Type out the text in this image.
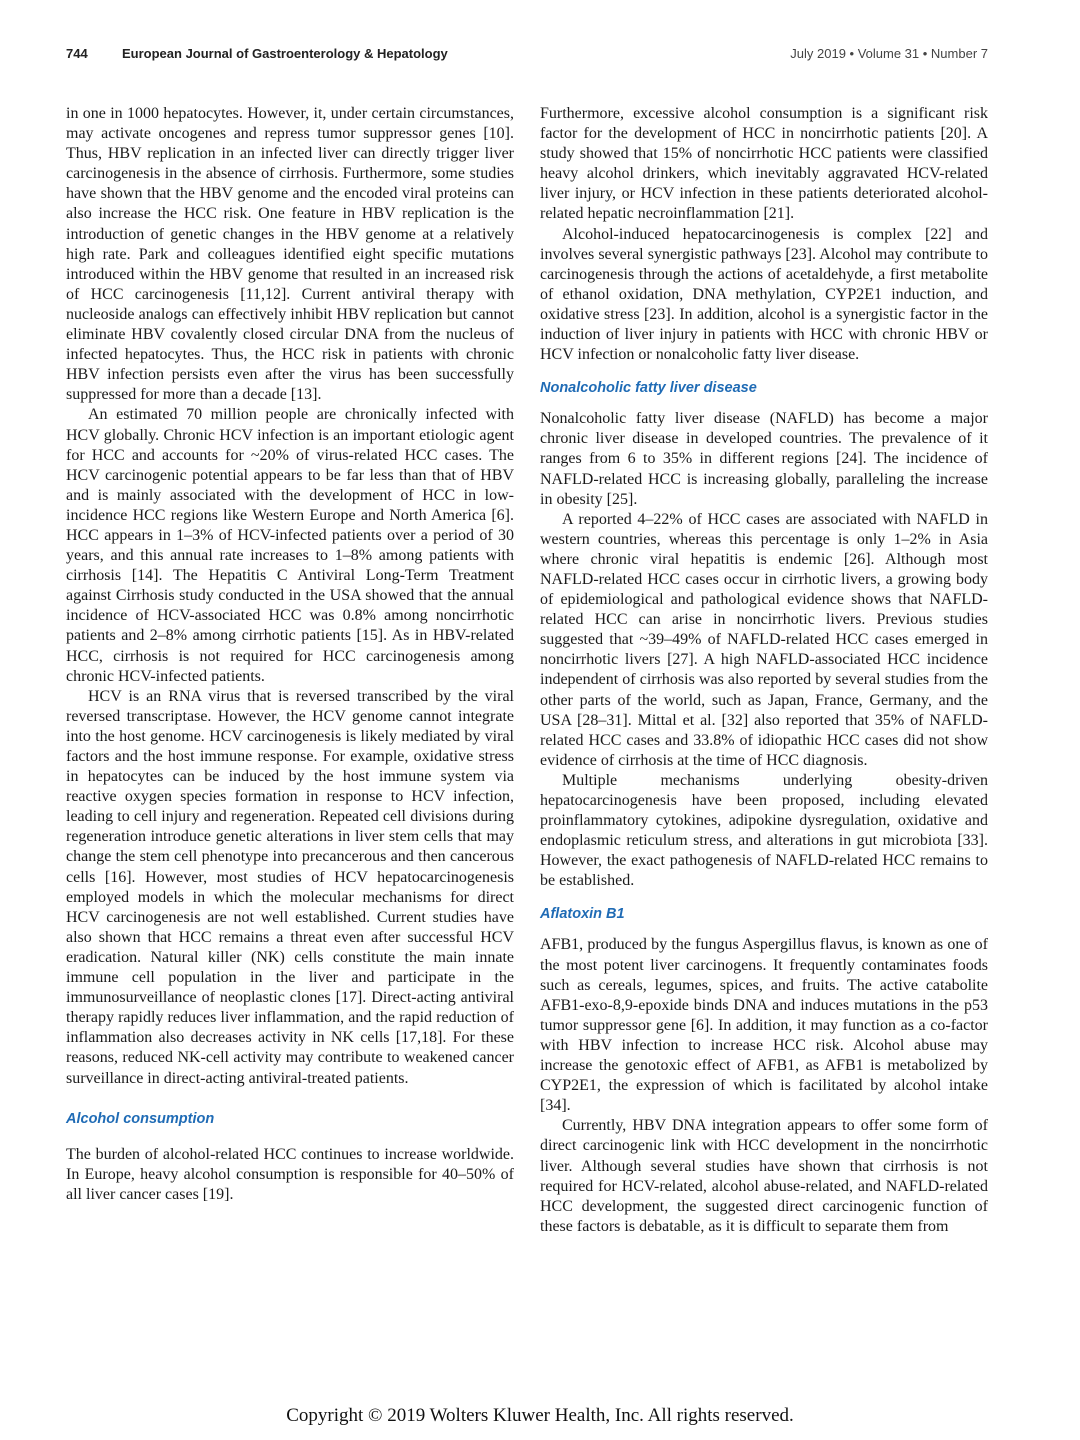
744	European Journal of Gastroenterology & Hepatology	July 2019 • Volume 31 • Number 7

in one in 1000 hepatocytes. However, it, under certain circumstances, may activate oncogenes and repress tumor suppressor genes [10]. Thus, HBV replication in an infected liver can directly trigger liver carcinogenesis in the absence of cirrhosis. Furthermore, some studies have shown that the HBV genome and the encoded viral proteins can also increase the HCC risk. One feature in HBV replication is the introduction of genetic changes in the HBV genome at a relatively high rate. Park and colleagues identified eight specific mutations introduced within the HBV genome that resulted in an increased risk of HCC carcinogenesis [11,12]. Current antiviral therapy with nucleoside analogs can effectively inhibit HBV replication but cannot eliminate HBV covalently closed circular DNA from the nucleus of infected hepatocytes. Thus, the HCC risk in patients with chronic HBV infection persists even after the virus has been successfully suppressed for more than a decade [13].

An estimated 70 million people are chronically infected with HCV globally. Chronic HCV infection is an important etiologic agent for HCC and accounts for ~20% of virus-related HCC cases. The HCV carcinogenic potential appears to be far less than that of HBV and is mainly associated with the development of HCC in low-incidence HCC regions like Western Europe and North America [6]. HCC appears in 1–3% of HCV-infected patients over a period of 30 years, and this annual rate increases to 1–8% among patients with cirrhosis [14]. The Hepatitis C Antiviral Long-Term Treatment against Cirrhosis study conducted in the USA showed that the annual incidence of HCV-associated HCC was 0.8% among noncirrhotic patients and 2–8% among cirrhotic patients [15]. As in HBV-related HCC, cirrhosis is not required for HCC carcinogenesis among chronic HCV-infected patients.

HCV is an RNA virus that is reversed transcribed by the viral reversed transcriptase. However, the HCV genome cannot integrate into the host genome. HCV carcinogenesis is likely mediated by viral factors and the host immune response. For example, oxidative stress in hepatocytes can be induced by the host immune system via reactive oxygen species formation in response to HCV infection, leading to cell injury and regeneration. Repeated cell divisions during regeneration introduce genetic alterations in liver stem cells that may change the stem cell phenotype into precancerous and then cancerous cells [16]. However, most studies of HCV hepatocarcinogenesis employed models in which the molecular mechanisms for direct HCV carcinogenesis are not well established. Current studies have also shown that HCC remains a threat even after successful HCV eradication. Natural killer (NK) cells constitute the main innate immune cell population in the liver and participate in the immunosurveillance of neoplastic clones [17]. Direct-acting antiviral therapy rapidly reduces liver inflammation, and the rapid reduction of inflammation also decreases activity in NK cells [17,18]. For these reasons, reduced NK-cell activity may contribute to weakened cancer surveillance in direct-acting antiviral-treated patients.

Alcohol consumption

The burden of alcohol-related HCC continues to increase worldwide. In Europe, heavy alcohol consumption is responsible for 40–50% of all liver cancer cases [19].

Furthermore, excessive alcohol consumption is a significant risk factor for the development of HCC in noncirrhotic patients [20]. A study showed that 15% of noncirrhotic HCC patients were classified heavy alcohol drinkers, which inevitably aggravated HCV-related liver injury, or HCV infection in these patients deteriorated alcohol-related hepatic necroinflammation [21].

Alcohol-induced hepatocarcinogenesis is complex [22] and involves several synergistic pathways [23]. Alcohol may contribute to carcinogenesis through the actions of acetaldehyde, a first metabolite of ethanol oxidation, DNA methylation, CYP2E1 induction, and oxidative stress [23]. In addition, alcohol is a synergistic factor in the induction of liver injury in patients with HCC with chronic HBV or HCV infection or nonalcoholic fatty liver disease.

Nonalcoholic fatty liver disease

Nonalcoholic fatty liver disease (NAFLD) has become a major chronic liver disease in developed countries. The prevalence of it ranges from 6 to 35% in different regions [24]. The incidence of NAFLD-related HCC is increasing globally, paralleling the increase in obesity [25].

A reported 4–22% of HCC cases are associated with NAFLD in western countries, whereas this percentage is only 1–2% in Asia where chronic viral hepatitis is endemic [26]. Although most NAFLD-related HCC cases occur in cirrhotic livers, a growing body of epidemiological and pathological evidence shows that NAFLD-related HCC can arise in noncirrhotic livers. Previous studies suggested that ~39–49% of NAFLD-related HCC cases emerged in noncirrhotic livers [27]. A high NAFLD-associated HCC incidence independent of cirrhosis was also reported by several studies from the other parts of the world, such as Japan, France, Germany, and the USA [28–31]. Mittal et al. [32] also reported that 35% of NAFLD-related HCC cases and 33.8% of idiopathic HCC cases did not show evidence of cirrhosis at the time of HCC diagnosis.

Multiple mechanisms underlying obesity-driven hepatocarcinogenesis have been proposed, including elevated proinflammatory cytokines, adipokine dysregulation, oxidative and endoplasmic reticulum stress, and alterations in gut microbiota [33]. However, the exact pathogenesis of NAFLD-related HCC remains to be established.

Aflatoxin B1

AFB1, produced by the fungus Aspergillus flavus, is known as one of the most potent liver carcinogens. It frequently contaminates foods such as cereals, legumes, spices, and fruits. The active catabolite AFB1-exo-8,9-epoxide binds DNA and induces mutations in the p53 tumor suppressor gene [6]. In addition, it may function as a co-factor with HBV infection to increase HCC risk. Alcohol abuse may increase the genotoxic effect of AFB1, as AFB1 is metabolized by CYP2E1, the expression of which is facilitated by alcohol intake [34].

Currently, HBV DNA integration appears to offer some form of direct carcinogenic link with HCC development in the noncirrhotic liver. Although several studies have shown that cirrhosis is not required for HCV-related, alcohol abuse-related, and NAFLD-related HCC development, the suggested direct carcinogenic function of these factors is debatable, as it is difficult to separate them from

Copyright © 2019 Wolters Kluwer Health, Inc. All rights reserved.
